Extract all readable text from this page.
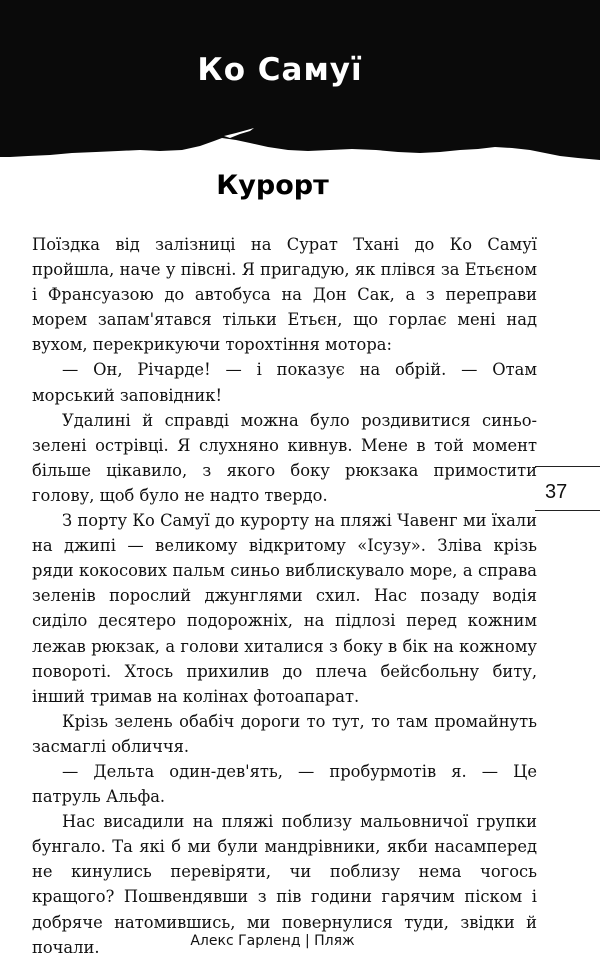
Ко Самуї
Курорт

Поїздка від залізниці на Сурат Тхані до Ко Самуї пройшла, наче у півсні. Я пригадую, як плівся за Етьєном і Франсуазою до автобуса на Дон Сак, а з переправи морем запам'ятався тільки Етьєн, що горлає мені над вухом, перекрикуючи торохтіння мотора:

— Он, Річарде! — і показує на обрій. — Отам морський заповідник!

Удалині й справді можна було роздивитися синьо-зелені острівці. Я слухняно кивнув. Мене в той момент більше цікавило, з якого боку рюкзака примостити голову, щоб було не надто твердо.

З порту Ко Самуї до курорту на пляжі Чавенг ми їхали на джипі — великому відкритому «Ісузу». Зліва крізь ряди кокосових пальм синьо виблискувало море, а справа зеленів порослий джунглями схил. Нас позаду водія сиділо десятеро подорожніх, на підлозі перед кожним лежав рюкзак, а голови хиталися з боку в бік на кожному повороті. Хтось прихилив до плеча бейсбольну биту, інший тримав на колінах фотоапарат.

Крізь зелень обабіч дороги то тут, то там промайнуть засмаглі обличчя.

— Дельта один-дев'ять, — пробурмотів я. — Це патруль Альфа.

Нас висадили на пляжі поблизу мальовничої групки бунгало. Та які б ми були мандрівники, якби насамперед не кинулись перевіряти, чи поблизу нема чогось кращого? Пошвендявши з пів години гарячим піском і добряче натомившись, ми повернулися туди, звідки й почали.

37
Алекс Гарленд | Пляж
